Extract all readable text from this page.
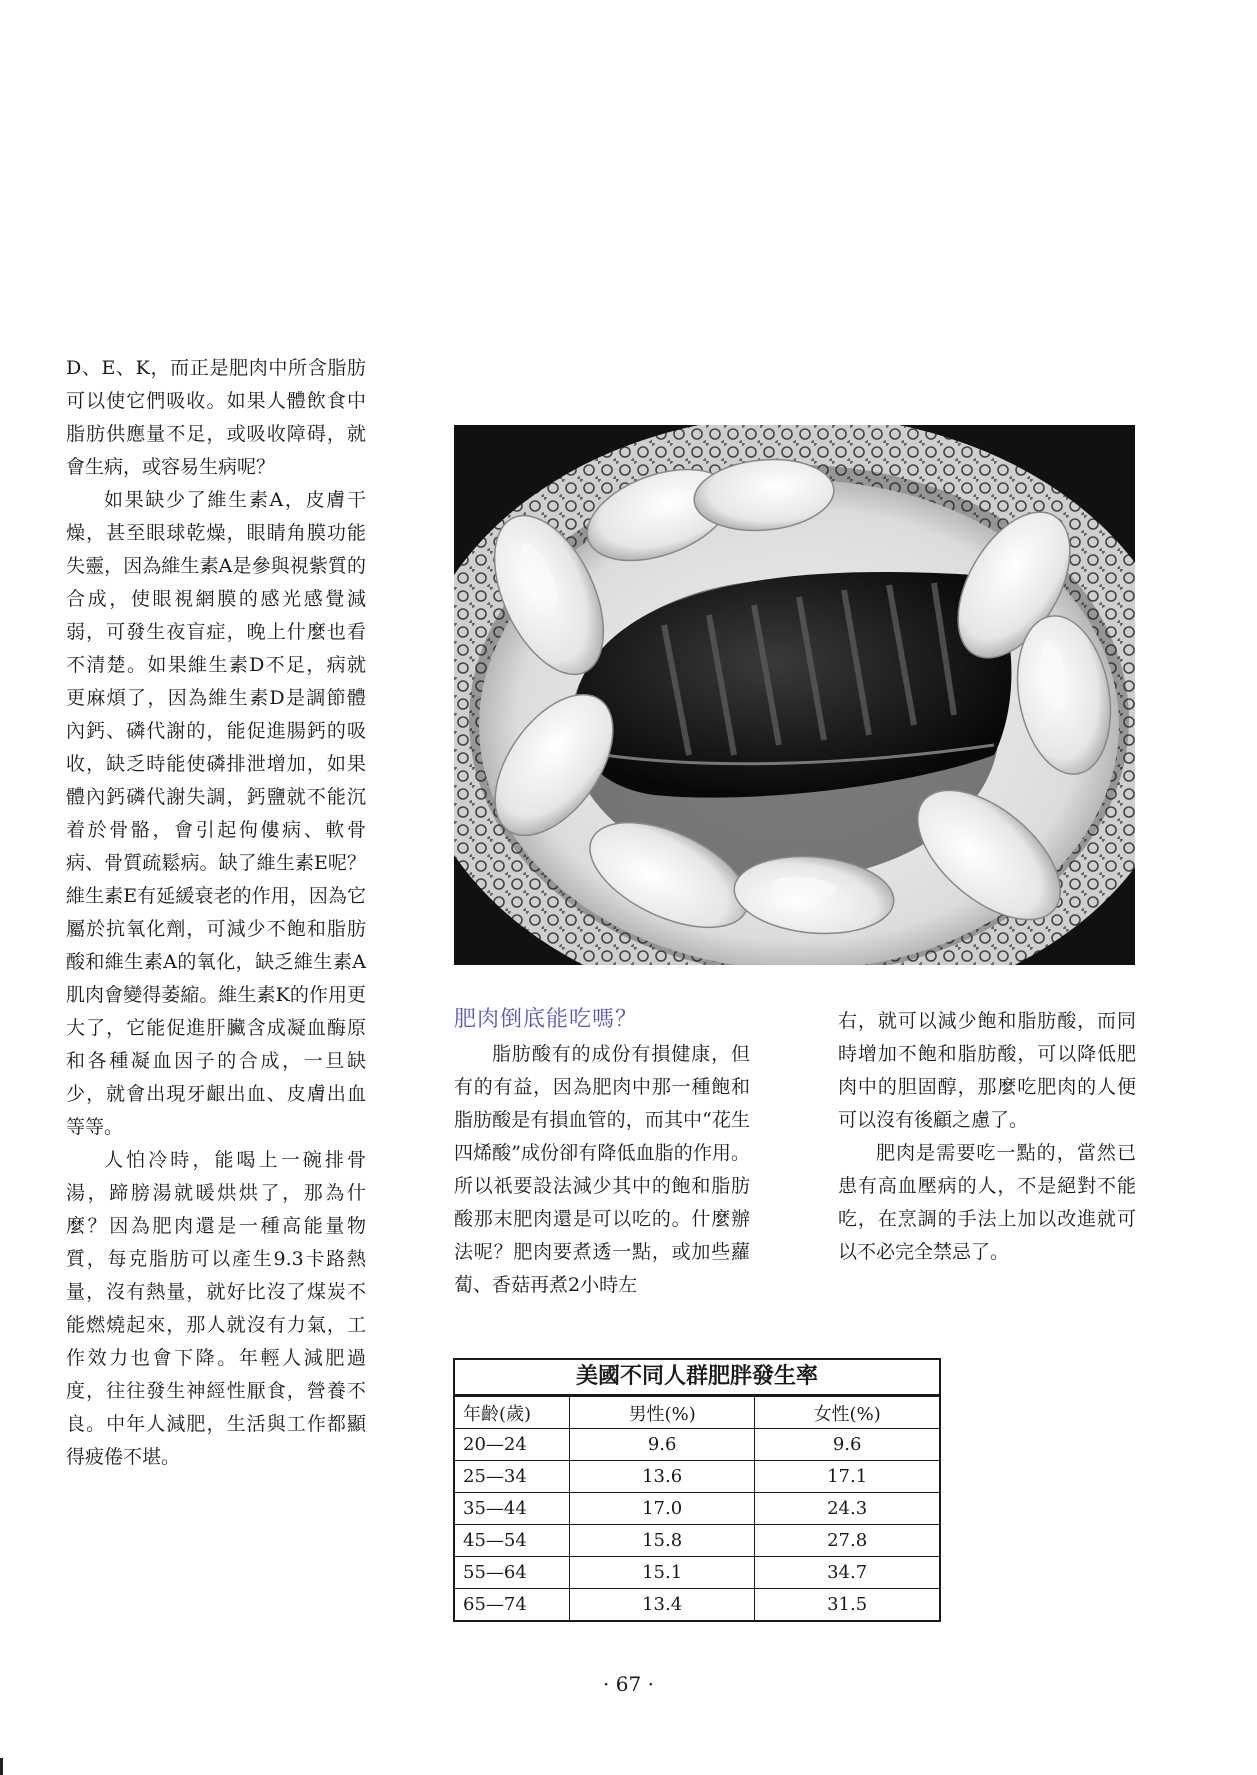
D、E、K，而正是肥肉中所含脂肪可以使它們吸收。如果人體飲食中脂肪供應量不足，或吸收障碍，就會生病，或容易生病呢？

如果缺少了維生素A，皮膚干燥，甚至眼球乾燥，眼睛角膜功能失靈，因為維生素A是參與視紫質的合成，使眼視網膜的感光感覺減弱，可發生夜盲症，晚上什麼也看不清楚。如果維生素D不足，病就更麻煩了，因為維生素D是調節體內鈣、磷代謝的，能促進腸鈣的吸收，缺乏時能使磷排泄增加，如果體內鈣磷代謝失調，鈣鹽就不能沉着於骨骼，會引起佝僂病、軟骨病、骨質疏鬆病。缺了維生素E呢？維生素E有延緩衰老的作用，因為它屬於抗氧化劑，可減少不飽和脂肪酸和維生素A的氧化，缺乏維生素A肌肉會變得萎縮。維生素K的作用更大了，它能促進肝臟含成凝血酶原和各種凝血因子的合成，一旦缺少，就會出現牙齦出血、皮膚出血等等。

人怕冷時，能喝上一碗排骨湯，蹄膀湯就暖烘烘了，那為什麼？因為肥肉還是一種高能量物質，每克脂肪可以產生9.3卡路熱量，沒有熱量，就好比沒了煤炭不能燃燒起來，那人就沒有力氣，工作效力也會下降。年輕人減肥過度，往往發生神經性厭食，營養不良。中年人減肥，生活與工作都顯得疲倦不堪。

肥肉倒底能吃嗎？

脂肪酸有的成份有損健康，但有的有益，因為肥肉中那一種飽和脂肪酸是有損血管的，而其中“花生四烯酸”成份卻有降低血脂的作用。所以祇要設法減少其中的飽和脂肪酸那末肥肉還是可以吃的。什麼辦法呢？肥肉要煮透一點，或加些蘿蔔、香菇再煮2小時左

右，就可以減少飽和脂肪酸，而同時增加不飽和脂肪酸，可以降低肥肉中的胆固醇，那麼吃肥肉的人便可以沒有後顧之慮了。

肥肉是需要吃一點的，當然已患有高血壓病的人，不是絕對不能吃，在烹調的手法上加以改進就可以不必完全禁忌了。

美國不同人群肥胖發生率
年齡(歲)	男性(%)	女性(%)
20—24	9.6	9.6
25—34	13.6	17.1
35—44	17.0	24.3
45—54	15.8	27.8
55—64	15.1	34.7
65—74	13.4	31.5
· 67 ·
